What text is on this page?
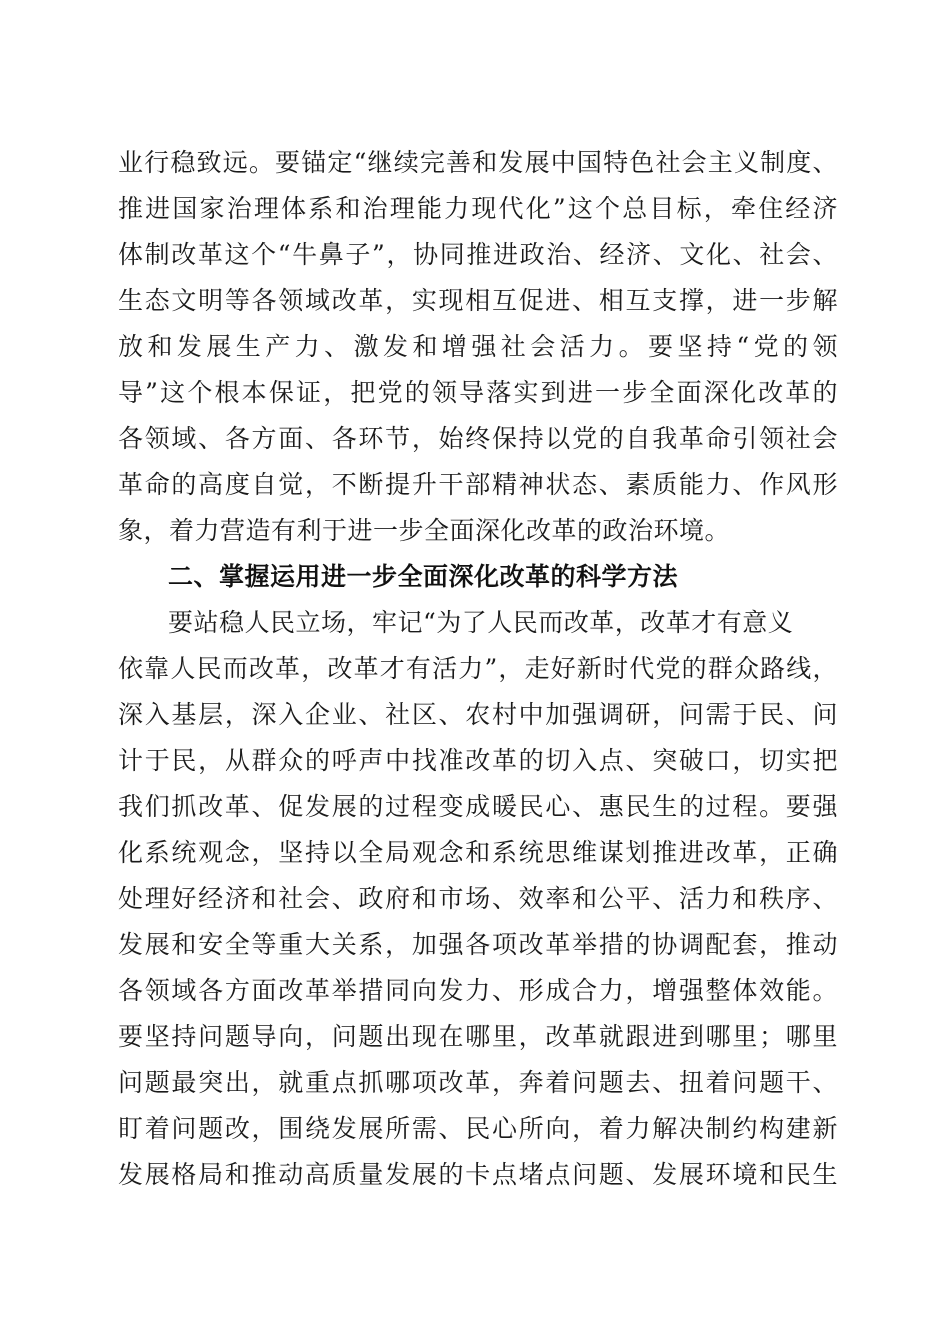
业行稳致远。要锚定“继续完善和发展中国特色社会主义制度、
推进国家治理体系和治理能力现代化”这个总目标，牵住经济
体制改革这个“牛鼻子”，协同推进政治、经济、文化、社会、
生态文明等各领域改革，实现相互促进、相互支撑，进一步解
放和发展生产力、激发和增强社会活力。要坚持“党的领
导”这个根本保证，把党的领导落实到进一步全面深化改革的
各领域、各方面、各环节，始终保持以党的自我革命引领社会
革命的高度自觉，不断提升干部精神状态、素质能力、作风形
象，着力营造有利于进一步全面深化改革的政治环境。
二、掌握运用进一步全面深化改革的科学方法
要站稳人民立场，牢记“为了人民而改革，改革才有意义
依靠人民而改革，改革才有活力”，走好新时代党的群众路线，
深入基层，深入企业、社区、农村中加强调研，问需于民、问
计于民，从群众的呼声中找准改革的切入点、突破口，切实把
我们抓改革、促发展的过程变成暖民心、惠民生的过程。要强
化系统观念，坚持以全局观念和系统思维谋划推进改革，正确
处理好经济和社会、政府和市场、效率和公平、活力和秩序、
发展和安全等重大关系，加强各项改革举措的协调配套，推动
各领域各方面改革举措同向发力、形成合力，增强整体效能。
要坚持问题导向，问题出现在哪里，改革就跟进到哪里；哪里
问题最突出，就重点抓哪项改革，奔着问题去、扭着问题干、
盯着问题改，围绕发展所需、民心所向，着力解决制约构建新
发展格局和推动高质量发展的卡点堵点问题、发展环境和民生
